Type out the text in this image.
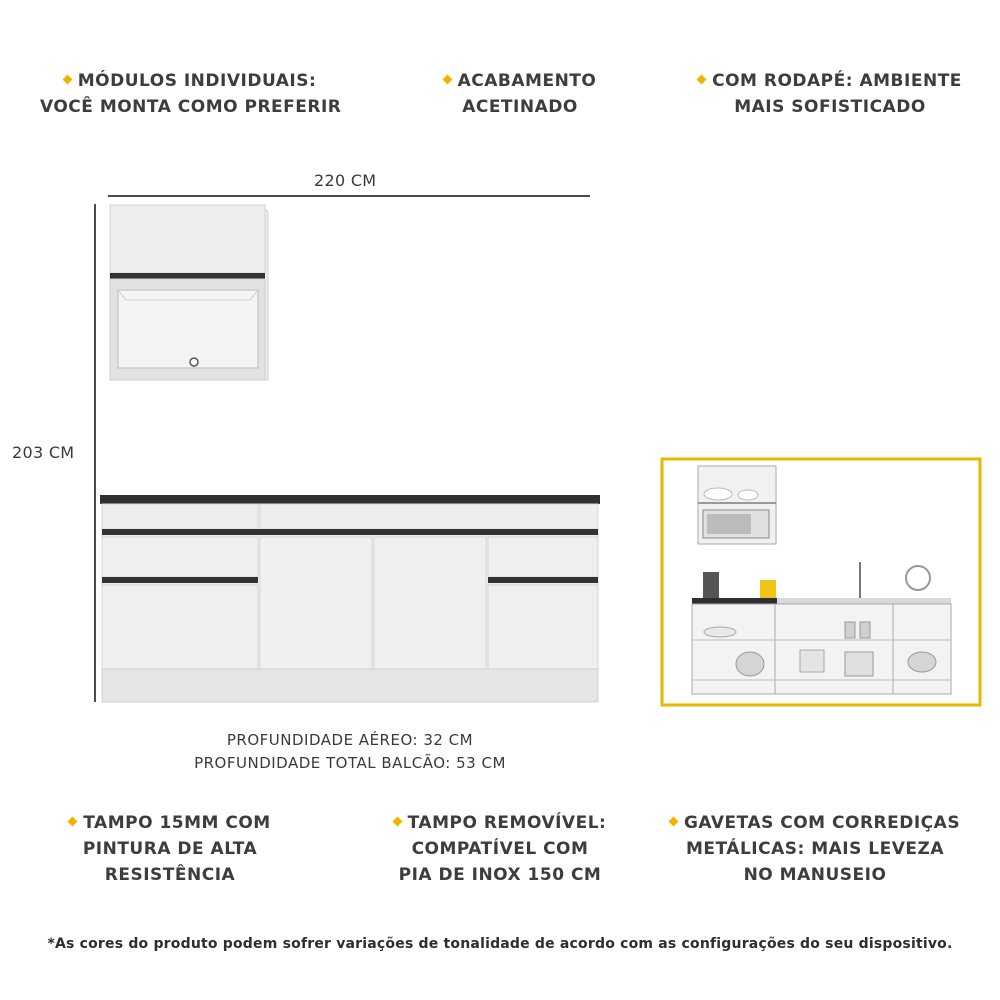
MÓDULOS INDIVIDUAIS:
VOCÊ MONTA COMO PREFERIR
ACABAMENTO
ACETINADO
COM RODAPÉ: AMBIENTE
MAIS SOFISTICADO
220 CM
203 CM
PROFUNDIDADE AÉREO: 32 CM
PROFUNDIDADE TOTAL BALCÃO: 53 CM
TAMPO 15MM COM
PINTURA DE ALTA
RESISTÊNCIA
TAMPO REMOVÍVEL:
COMPATÍVEL COM
PIA DE INOX 150 CM
GAVETAS COM CORREDIÇAS
METÁLICAS: MAIS LEVEZA
NO MANUSEIO
*As cores do produto podem sofrer variações de tonalidade de acordo com as configurações do seu dispositivo.
